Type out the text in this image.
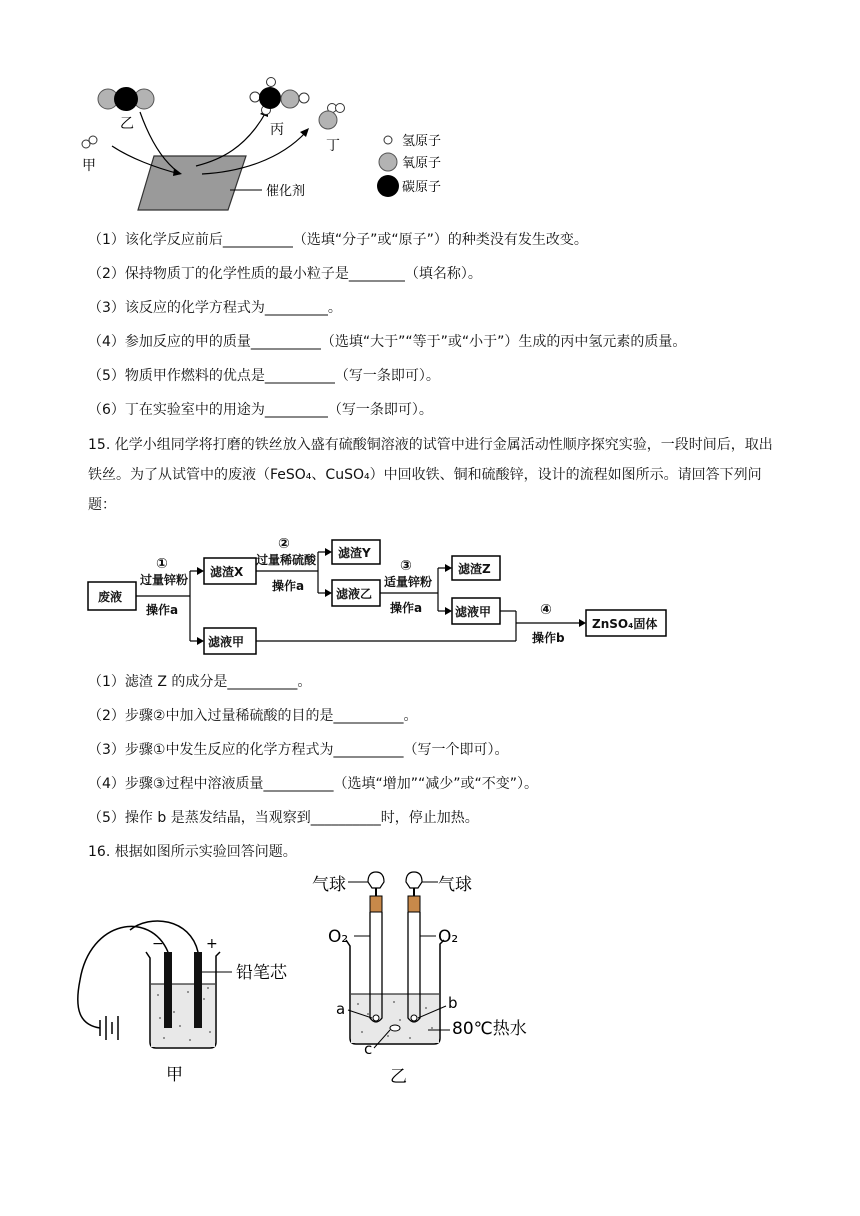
乙
甲
催化剂
丙
丁	氢原子
氧原子
碳原子
（1）该化学反应前后__________（选填“分子”或“原子”）的种类没有发生改变。
（2）保持物质丁的化学性质的最小粒子是________（填名称）。
（3）该反应的化学方程式为_________。
（4）参加反应的甲的质量__________（选填“大于”“等于”或“小于”）生成的丙中氢元素的质量。
（5）物质甲作燃料的优点是__________（写一条即可）。
（6）丁在实验室中的用途为_________（写一条即可）。
15. 化学小组同学将打磨的铁丝放入盛有硫酸铜溶液的试管中进行金属活动性顺序探究实验，一段时间后，取出铁丝。为了从试管中的废液（FeSO₄、CuSO₄）中回收铁、铜和硫酸锌，设计的流程如图所示。请回答下列问题：
废液
滤渣X
滤液甲
滤渣Y
滤液乙
滤渣Z
滤液甲
ZnSO₄固体
①
过量锌粉
操作a
②
过量稀硫酸
操作a
③
适量锌粉
操作a	④
操作b
（1）滤渣 Z 的成分是__________。
（2）步骤②中加入过量稀硫酸的目的是__________。
（3）步骤①中发生反应的化学方程式为__________（写一个即可）。
（4）步骤③过程中溶液质量__________（选填“增加”“减少”或“不变”）。
（5）操作 b 是蒸发结晶，当观察到__________时，停止加热。
16. 根据如图所示实验回答问题。
−	+
铅笔芯
甲
气球	气球
O₂	O₂
a	b
c
80℃热水
乙
